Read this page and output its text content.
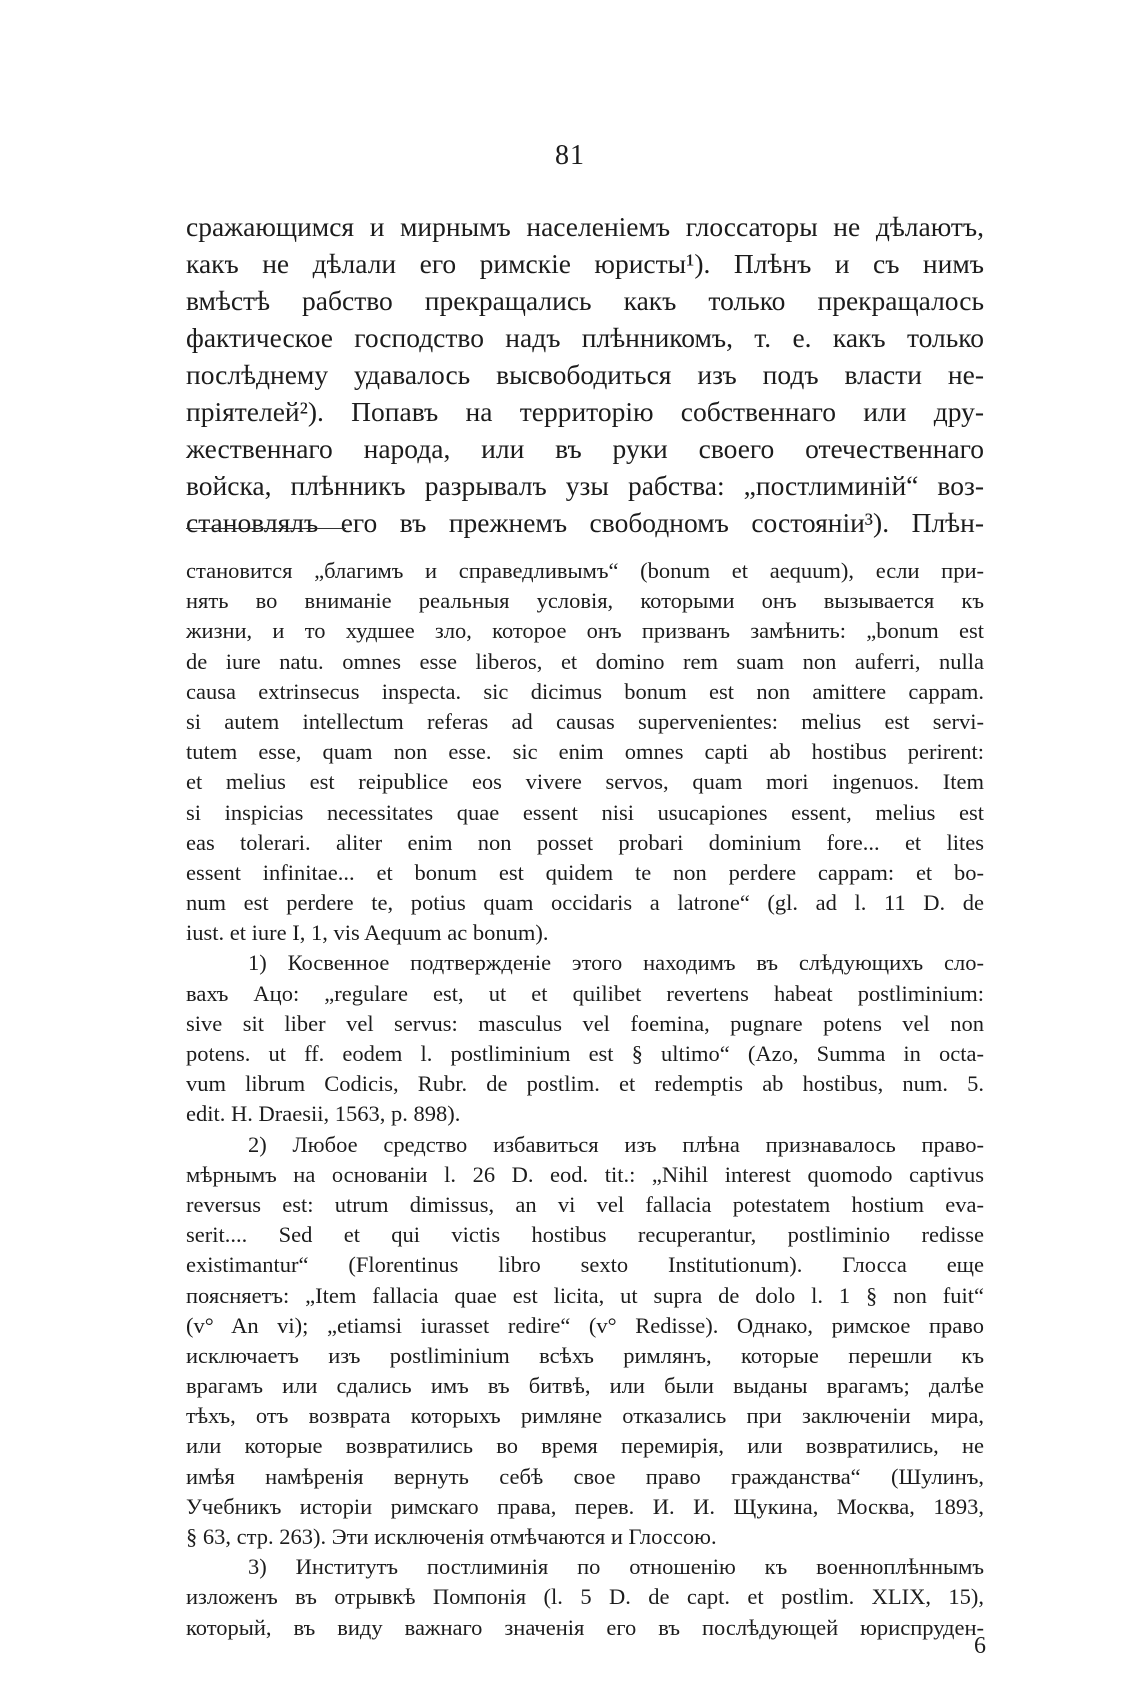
81
сражающимся и мирнымъ населеніемъ глоссаторы не дѣлаютъ,
какъ не дѣлали его римскіе юристы¹). Плѣнъ и съ нимъ
вмѣстѣ рабство прекращались какъ только прекращалось
фактическое господство надъ плѣнникомъ, т. е. какъ только
послѣднему удавалось высвободиться изъ подъ власти не-
пріятелей²). Попавъ на территорію собственнаго или дру-
жественнаго народа, или въ руки своего отечественнаго
войска, плѣнникъ разрывалъ узы рабства: „постлиминій“ воз-
становлялъ его въ прежнемъ свободномъ состояніи³). Плѣн-
становится „благимъ и справедливымъ“ (bonum et aequum), если при-
нять во вниманіе реальныя условія, которыми онъ вызывается къ
жизни, и то худшее зло, которое онъ призванъ замѣнить: „bonum est
de iure natu. omnes esse liberos, et domino rem suam non auferri, nulla
causa extrinsecus inspecta. sic dicimus bonum est non amittere cappam.
si autem intellectum referas ad causas supervenientes: melius est servi-
tutem esse, quam non esse. sic enim omnes capti ab hostibus perirent:
et melius est reipublice eos vivere servos, quam mori ingenuos. Item
si inspicias necessitates quae essent nisi usucapiones essent, melius est
eas tolerari. aliter enim non posset probari dominium fore... et lites
essent infinitae... et bonum est quidem te non perdere cappam: et bo-
num est perdere te, potius quam occidaris a latrone“ (gl. ad l. 11 D. de
iust. et iure I, 1, vis Aequum ac bonum).
1) Косвенное подтвержденіе этого находимъ въ слѣдующихъ сло-
вахъ Ацо: „regulare est, ut et quilibet revertens habeat postliminium:
sive sit liber vel servus: masculus vel foemina, pugnare potens vel non
potens. ut ff. eodem l. postliminium est § ultimo“ (Azo, Summa in octa-
vum librum Codicis, Rubr. de postlim. et redemptis ab hostibus, num. 5.
edit. H. Draesii, 1563, p. 898).
2) Любое средство избавиться изъ плѣна признавалось право-
мѣрнымъ на основаніи l. 26 D. eod. tit.: „Nihil interest quomodo captivus
reversus est: utrum dimissus, an vi vel fallacia potestatem hostium eva-
serit.... Sed et qui victis hostibus recuperantur, postliminio redisse
existimantur“ (Florentinus libro sexto Institutionum). Глосса еще
поясняетъ: „Item fallacia quae est licita, ut supra de dolo l. 1 § non fuit“
(v° An vi); „etiamsi iurasset redire“ (v° Redisse). Однако, римское право
исключаетъ изъ postliminium всѣхъ римлянъ, которые перешли къ
врагамъ или сдались имъ въ битвѣ, или были выданы врагамъ; далѣе
тѣхъ, отъ возврата которыхъ римляне отказались при заключеніи мира,
или которые возвратились во время перемирія, или возвратились, не
имѣя намѣренія вернуть себѣ свое право гражданства“ (Шулинъ,
Учебникъ исторіи римскаго права, перев. И. И. Щукина, Москва, 1893,
§ 63, стр. 263). Эти исключенія отмѣчаются и Глоссою.
3) Институтъ постлиминія по отношенію къ военноплѣннымъ
изложенъ въ отрывкѣ Помпонія (l. 5 D. de capt. et postlim. XLIX, 15),
который, въ виду важнаго значенія его въ послѣдующей юриспруден-
6
